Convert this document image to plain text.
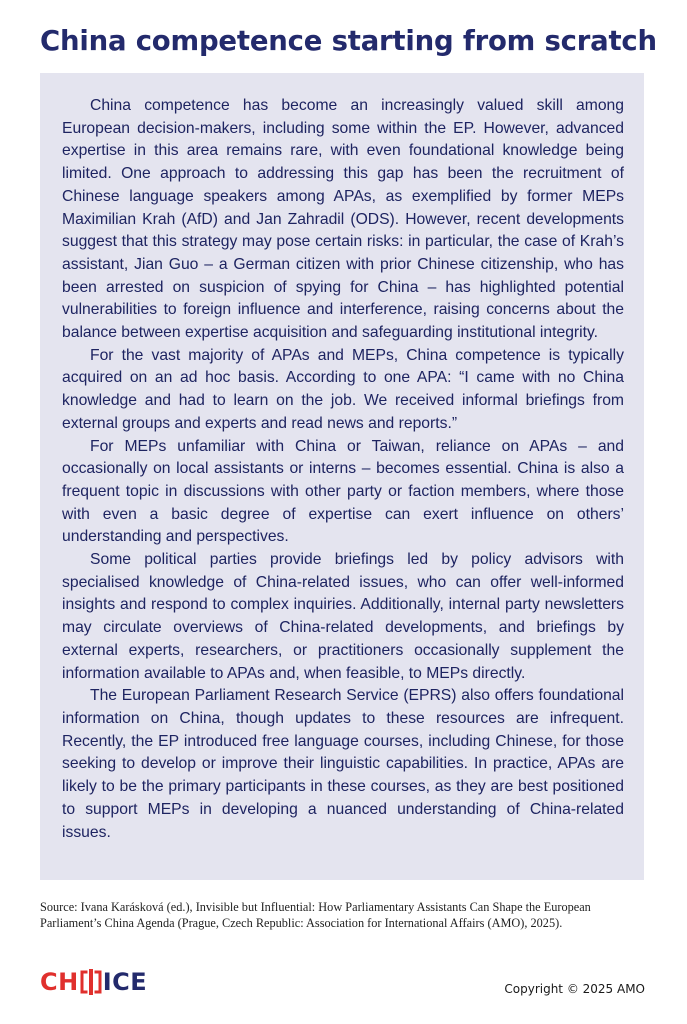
China competence starting from scratch

China competence has become an increasingly valued skill among European decision-makers, including some within the EP. However, advanced expertise in this area remains rare, with even foundational knowledge being limited. One approach to addressing this gap has been the recruitment of Chinese language speakers among APAs, as exemplified by former MEPs Maximilian Krah (AfD) and Jan Zahradil (ODS). However, recent developments suggest that this strategy may pose certain risks: in particular, the case of Krah’s assistant, Jian Guo – a German citizen with prior Chinese citizenship, who has been arrested on suspicion of spying for China – has highlighted potential vulnerabilities to foreign influence and interference, raising concerns about the balance between expertise acquisition and safeguarding institutional integrity.

For the vast majority of APAs and MEPs, China competence is typically acquired on an ad hoc basis. According to one APA: “I came with no China knowledge and had to learn on the job. We received informal briefings from external groups and experts and read news and reports.”

For MEPs unfamiliar with China or Taiwan, reliance on APAs – and occasionally on local assistants or interns – becomes essential. China is also a frequent topic in discussions with other party or faction members, where those with even a basic degree of expertise can exert influence on others’ understanding and perspectives.

Some political parties provide briefings led by policy advisors with specialised knowledge of China-related issues, who can offer well-informed insights and respond to complex inquiries. Additionally, internal party newsletters may circulate overviews of China-related developments, and briefings by external experts, researchers, or practitioners occasionally supplement the information available to APAs and, when feasible, to MEPs directly.

The European Parliament Research Service (EPRS) also offers foundational information on China, though updates to these resources are infrequent. Recently, the EP introduced free language courses, including Chinese, for those seeking to develop or improve their linguistic capabilities. In practice, APAs are likely to be the primary participants in these courses, as they are best positioned to support MEPs in developing a nuanced understanding of China-related issues.

Source: Ivana Karásková (ed.), Invisible but Influential: How Parliamentary Assistants Can Shape the European Parliament’s China Agenda (Prague, Czech Republic: Association for International Affairs (AMO), 2025).

CH ICE	Copyright © 2025 AMO
